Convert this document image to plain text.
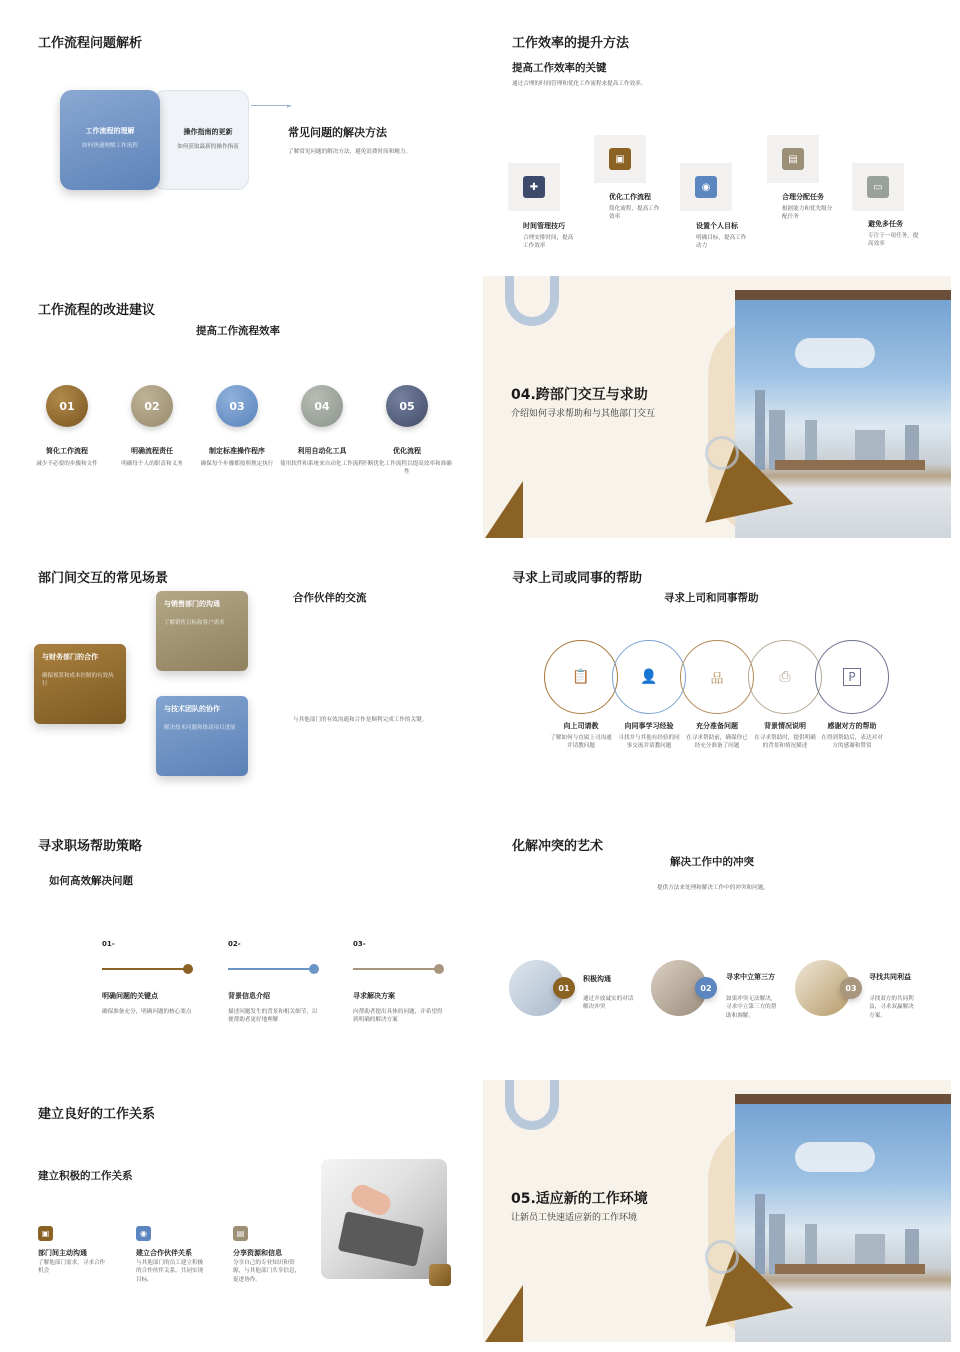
工作流程问题解析
操作指南的更新
如何获取最新的操作指南
工作流程的理解
如何快速理解工作流程
▸
常见问题的解决方法
了解常见问题的解决方法，避免浪费时间和精力。
工作效率的提升方法
提高工作效率的关键
通过合理的时间管理和优化工作流程来提高工作效率。
✚
时间管理技巧
合理安排时间，提高工作效率
▣
优化工作流程
简化流程，提高工作效率
◉
设置个人目标
明确目标，提高工作动力
▤
合理分配任务
根据能力和优先级分配任务
▭
避免多任务
专注于一项任务，提高效率
工作流程的改进建议
提高工作流程效率
01
简化工作流程
减少不必要的步骤和文件
02
明确流程责任
明确每个人的职责和义务
03
制定标准操作程序
确保每个步骤都按照规定执行
04
利用自动化工具
使用软件和系统来自动化工作流程
05
优化流程
不断优化工作流程以提高效率和准确性
04.跨部门交互与求助
介绍如何寻求帮助和与其他部门交互
部门间交互的常见场景
与销售部门的沟通
了解销售目标和客户需求
与财务部门的合作
确保预算和成本控制的有效执行
与技术团队的协作
解决技术问题和推动项目进展
合作伙伴的交流
与其他部门的有效沟通和合作是顺利完成工作的关键。
寻求上司或同事的帮助
寻求上司和同事帮助
📋	👤	品	⎙	P
向上司请教
了解如何与直属上司沟通并请教问题
向同事学习经验
寻找并与其他有经验的同事交流并请教问题
充分准备问题
在寻求帮助前，确保你已经充分准备了问题
背景情况说明
在寻求帮助时，提供明确的背景和情况描述
感谢对方的帮助
在得到帮助后，表达对对方的感谢和赞赏
寻求职场帮助策略
如何高效解决问题
01-
明确问题的关键点
确保准备充分，明确问题的核心要点
02-
背景信息介绍
描述问题发生的背景和相关细节，以便帮助者更好地理解
03-
寻求解决方案
向帮助者提出具体的问题，并希望得到明确的解决方案
化解冲突的艺术
解决工作中的冲突
提供方法来处理和解决工作中的冲突和问题。
01
积极沟通
通过开放诚实的对话解决冲突
02
寻求中立第三方
如果冲突无法解决，寻求中立第三方的帮助和调解。
03
寻找共同利益
寻找双方的共同利益，寻求双赢解决方案。
建立良好的工作关系
建立积极的工作关系
▣
部门间主动沟通
了解他部门需求，寻求合作机会
◉
建立合作伙伴关系
与其他部门的员工建立积极的合作伙伴关系，共同实现目标。
▤
分享资源和信息
分享自己的专业知识和资源，与其他部门共享信息，促进协作。
05.适应新的工作环境
让新员工快速适应新的工作环境
